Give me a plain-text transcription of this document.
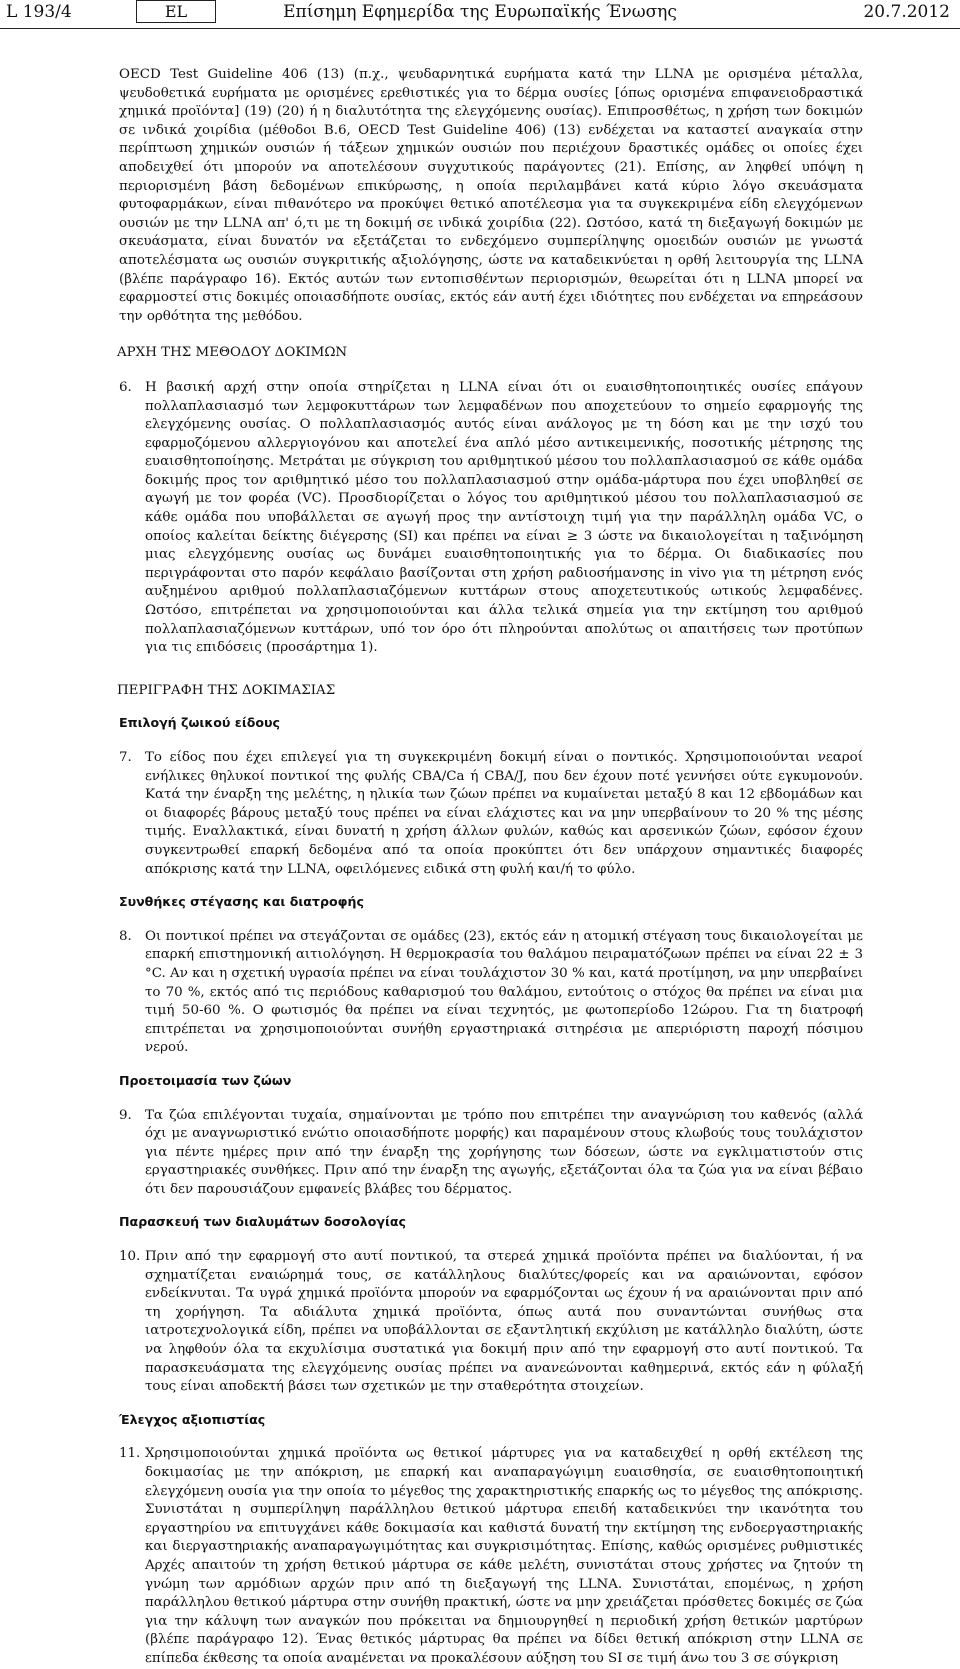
L 193/4	EL	Επίσημη Εφημερίδα της Ευρωπαϊκής Ένωσης	20.7.2012
OECD Test Guideline 406 (13) (π.χ., ψευδαρνητικά ευρήματα κατά την LLNA με ορισμένα μέταλλα, ψευδοθετικά ευρήματα με ορισμένες ερεθιστικές για το δέρμα ουσίες [όπως ορισμένα επιφανειοδραστικά χημικά προϊόντα] (19) (20) ή η διαλυτότητα της ελεγχόμενης ουσίας). Επιπροσθέτως, η χρήση των δοκιμών σε ινδικά χοιρίδια (μέθοδοι B.6, OECD Test Guideline 406) (13) ενδέχεται να καταστεί αναγκαία στην περίπτωση χημικών ουσιών ή τάξεων χημικών ουσιών που περιέχουν δραστικές ομάδες οι οποίες έχει αποδειχθεί ότι μπορούν να αποτελέσουν συγχυτικούς παράγοντες (21). Επίσης, αν ληφθεί υπόψη η περιορισμένη βάση δεδομένων επικύρωσης, η οποία περιλαμβάνει κατά κύριο λόγο σκευάσματα φυτοφαρμάκων, είναι πιθανότερο να προκύψει θετικό αποτέλεσμα για τα συγκεκριμένα είδη ελεγχόμενων ουσιών με την LLNA απ' ό,τι με τη δοκιμή σε ινδικά χοιρίδια (22). Ωστόσο, κατά τη διεξαγωγή δοκιμών με σκευάσματα, είναι δυνατόν να εξετάζεται το ενδεχόμενο συμπερίληψης ομοειδών ουσιών με γνωστά αποτελέσματα ως ουσιών συγκριτικής αξιολόγησης, ώστε να καταδεικνύεται η ορθή λειτουργία της LLNA (βλέπε παράγραφο 16). Εκτός αυτών των εντοπισθέντων περιορισμών, θεωρείται ότι η LLNA μπορεί να εφαρμοστεί στις δοκιμές οποιασδήποτε ουσίας, εκτός εάν αυτή έχει ιδιότητες που ενδέχεται να επηρεάσουν την ορθότητα της μεθόδου.
ΑΡΧΗ ΤΗΣ ΜΕΘΟΔΟΥ ΔΟΚΙΜΩΝ
6. Η βασική αρχή στην οποία στηρίζεται η LLNA είναι ότι οι ευαισθητοποιητικές ουσίες επάγουν πολλαπλασιασμό των λεμφοκυττάρων των λεμφαδένων που αποχετεύουν το σημείο εφαρμογής της ελεγχόμενης ουσίας. Ο πολλαπλασιασμός αυτός είναι ανάλογος με τη δόση και με την ισχύ του εφαρμοζόμενου αλλεργιογόνου και αποτελεί ένα απλό μέσο αντικειμενικής, ποσοτικής μέτρησης της ευαισθητοποίησης. Μετράται με σύγκριση του αριθμητικού μέσου του πολλαπλασιασμού σε κάθε ομάδα δοκιμής προς τον αριθμητικό μέσο του πολλαπλασιασμού στην ομάδα-μάρτυρα που έχει υποβληθεί σε αγωγή με τον φορέα (VC). Προσδιορίζεται ο λόγος του αριθμητικού μέσου του πολλαπλασιασμού σε κάθε ομάδα που υποβάλλεται σε αγωγή προς την αντίστοιχη τιμή για την παράλληλη ομάδα VC, ο οποίος καλείται δείκτης διέγερσης (SI) και πρέπει να είναι ≥ 3 ώστε να δικαιολογείται η ταξινόμηση μιας ελεγχόμενης ουσίας ως δυνάμει ευαισθητοποιητικής για το δέρμα. Οι διαδικασίες που περιγράφονται στο παρόν κεφάλαιο βασίζονται στη χρήση ραδιοσήμανσης in vivo για τη μέτρηση ενός αυξημένου αριθμού πολλαπλασιαζόμενων κυττάρων στους αποχετευτικούς ωτικούς λεμφαδένες. Ωστόσο, επιτρέπεται να χρησιμοποιούνται και άλλα τελικά σημεία για την εκτίμηση του αριθμού πολλαπλασιαζόμενων κυττάρων, υπό τον όρο ότι πληρούνται απολύτως οι απαιτήσεις των προτύπων για τις επιδόσεις (προσάρτημα 1).
ΠΕΡΙΓΡΑΦΗ ΤΗΣ ΔΟΚΙΜΑΣΙΑΣ
Επιλογή ζωικού είδους
7. Το είδος που έχει επιλεγεί για τη συγκεκριμένη δοκιμή είναι ο ποντικός. Χρησιμοποιούνται νεαροί ενήλικες θηλυκοί ποντικοί της φυλής CBA/Ca ή CBA/J, που δεν έχουν ποτέ γεννήσει ούτε εγκυμονούν. Κατά την έναρξη της μελέτης, η ηλικία των ζώων πρέπει να κυμαίνεται μεταξύ 8 και 12 εβδομάδων και οι διαφορές βάρους μεταξύ τους πρέπει να είναι ελάχιστες και να μην υπερβαίνουν το 20 % της μέσης τιμής. Εναλλακτικά, είναι δυνατή η χρήση άλλων φυλών, καθώς και αρσενικών ζώων, εφόσον έχουν συγκεντρωθεί επαρκή δεδομένα από τα οποία προκύπτει ότι δεν υπάρχουν σημαντικές διαφορές απόκρισης κατά την LLNA, οφειλόμενες ειδικά στη φυλή και/ή το φύλο.
Συνθήκες στέγασης και διατροφής
8. Οι ποντικοί πρέπει να στεγάζονται σε ομάδες (23), εκτός εάν η ατομική στέγαση τους δικαιολογείται με επαρκή επιστημονική αιτιολόγηση. Η θερμοκρασία του θαλάμου πειραματόζωων πρέπει να είναι 22 ± 3 °C. Αν και η σχετική υγρασία πρέπει να είναι τουλάχιστον 30 % και, κατά προτίμηση, να μην υπερβαίνει το 70 %, εκτός από τις περιόδους καθαρισμού του θαλάμου, εντούτοις ο στόχος θα πρέπει να είναι μια τιμή 50-60 %. Ο φωτισμός θα πρέπει να είναι τεχνητός, με φωτοπερίοδο 12ώρου. Για τη διατροφή επιτρέπεται να χρησιμοποιούνται συνήθη εργαστηριακά σιτηρέσια με απεριόριστη παροχή πόσιμου νερού.
Προετοιμασία των ζώων
9. Τα ζώα επιλέγονται τυχαία, σημαίνονται με τρόπο που επιτρέπει την αναγνώριση του καθενός (αλλά όχι με αναγνωριστικό ενώτιο οποιασδήποτε μορφής) και παραμένουν στους κλωβούς τους τουλάχιστον για πέντε ημέρες πριν από την έναρξη της χορήγησης των δόσεων, ώστε να εγκλιματιστούν στις εργαστηριακές συνθήκες. Πριν από την έναρξη της αγωγής, εξετάζονται όλα τα ζώα για να είναι βέβαιο ότι δεν παρουσιάζουν εμφανείς βλάβες του δέρματος.
Παρασκευή των διαλυμάτων δοσολογίας
10. Πριν από την εφαρμογή στο αυτί ποντικού, τα στερεά χημικά προϊόντα πρέπει να διαλύονται, ή να σχηματίζεται εναιώρημά τους, σε κατάλληλους διαλύτες/φορείς και να αραιώνονται, εφόσον ενδείκνυται. Τα υγρά χημικά προϊόντα μπορούν να εφαρμόζονται ως έχουν ή να αραιώνονται πριν από τη χορήγηση. Τα αδιάλυτα χημικά προϊόντα, όπως αυτά που συναντώνται συνήθως στα ιατροτεχνολογικά είδη, πρέπει να υποβάλλονται σε εξαντλητική εκχύλιση με κατάλληλο διαλύτη, ώστε να ληφθούν όλα τα εκχυλίσιμα συστατικά για δοκιμή πριν από την εφαρμογή στο αυτί ποντικού. Τα παρασκευάσματα της ελεγχόμενης ουσίας πρέπει να ανανεώνονται καθημερινά, εκτός εάν η φύλαξή τους είναι αποδεκτή βάσει των σχετικών με την σταθερότητα στοιχείων.
Έλεγχος αξιοπιστίας
11. Χρησιμοποιούνται χημικά προϊόντα ως θετικοί μάρτυρες για να καταδειχθεί η ορθή εκτέλεση της δοκιμασίας με την απόκριση, με επαρκή και αναπαραγώγιμη ευαισθησία, σε ευαισθητοποιητική ελεγχόμενη ουσία για την οποία το μέγεθος της χαρακτηριστικής επαρκής ως το μέγεθος της απόκρισης. Συνιστάται η συμπερίληψη παράλληλου θετικού μάρτυρα επειδή καταδεικνύει την ικανότητα του εργαστηρίου να επιτυγχάνει κάθε δοκιμασία και καθιστά δυνατή την εκτίμηση της ενδοεργαστηριακής και διεργαστηριακής αναπαραγωγιμότητας και συγκρισιμότητας. Επίσης, καθώς ορισμένες ρυθμιστικές Αρχές απαιτούν τη χρήση θετικού μάρτυρα σε κάθε μελέτη, συνιστάται στους χρήστες να ζητούν τη γνώμη των αρμόδιων αρχών πριν από τη διεξαγωγή της LLNA. Συνιστάται, επομένως, η χρήση παράλληλου θετικού μάρτυρα στην συνήθη πρακτική, ώστε να μην χρειάζεται πρόσθετες δοκιμές σε ζώα για την κάλυψη των αναγκών που πρόκειται να δημιουργηθεί η περιοδική χρήση θετικών μαρτύρων (βλέπε παράγραφο 12). Ένας θετικός μάρτυρας θα πρέπει να δίδει θετική απόκριση στην LLNA σε επίπεδα έκθεσης τα οποία αναμένεται να προκαλέσουν αύξηση του SI σε τιμή άνω του 3 σε σύγκριση
